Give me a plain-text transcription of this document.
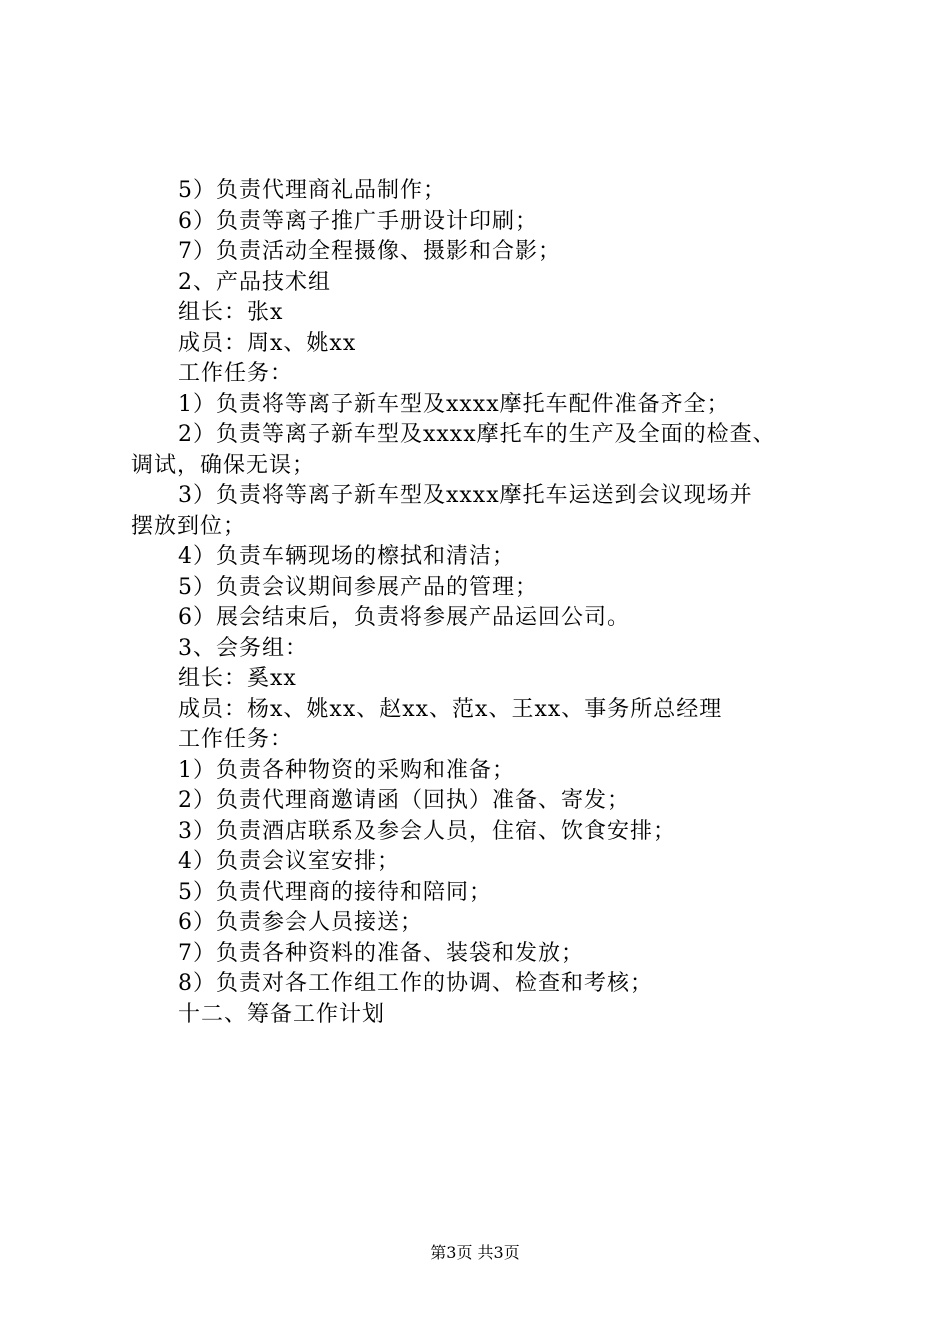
5）负责代理商礼品制作；
6）负责等离子推广手册设计印刷；
7）负责活动全程摄像、摄影和合影；
2、产品技术组
组长：张x
成员：周x、姚xx
工作任务：
1）负责将等离子新车型及xxxx摩托车配件准备齐全；
2）负责等离子新车型及xxxx摩托车的生产及全面的检查、
调试，确保无误；
3）负责将等离子新车型及xxxx摩托车运送到会议现场并
摆放到位；
4）负责车辆现场的檫拭和清洁；
5）负责会议期间参展产品的管理；
6）展会结束后，负责将参展产品运回公司。
3、会务组：
组长：奚xx
成员：杨x、姚xx、赵xx、范x、王xx、事务所总经理
工作任务：
1）负责各种物资的采购和准备；
2）负责代理商邀请函（回执）准备、寄发；
3）负责酒店联系及参会人员，住宿、饮食安排；
4）负责会议室安排；
5）负责代理商的接待和陪同；
6）负责参会人员接送；
7）负责各种资料的准备、装袋和发放；
8）负责对各工作组工作的协调、检查和考核；
十二、筹备工作计划
第3页 共3页
